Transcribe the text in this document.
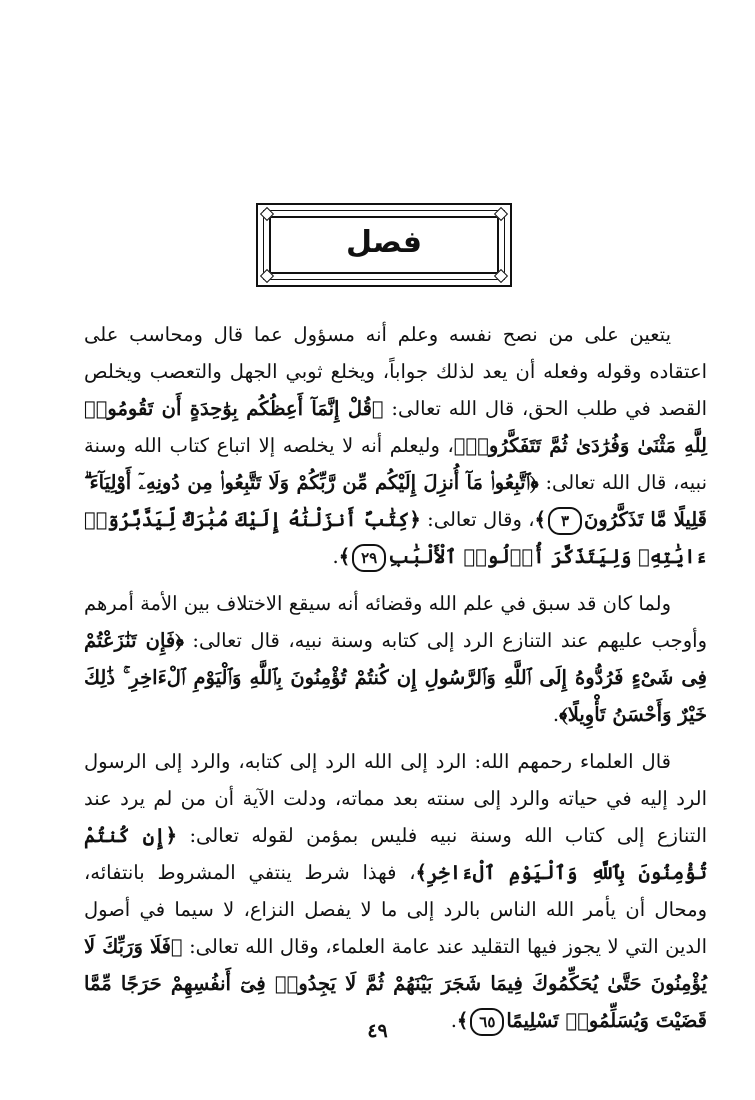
فصل

يتعين على من نصح نفسه وعلم أنه مسؤول عما قال ومحاسب على اعتقاده وقوله وفعله أن يعد لذلك جواباً، ويخلع ثوبي الجهل والتعصب ويخلص القصد في طلب الحق، قال الله تعالى: ﴿قُلْ إِنَّمَآ أَعِظُكُم بِوَٰحِدَةٍ أَن تَقُومُوا۟ لِلَّهِ مَثْنَىٰ وَفُرَٰدَىٰ ثُمَّ تَتَفَكَّرُوا۟﴾، وليعلم أنه لا يخلصه إلا اتباع كتاب الله وسنة نبيه، قال الله تعالى: ﴿ٱتَّبِعُوا۟ مَآ أُنزِلَ إِلَيْكُم مِّن رَّبِّكُمْ وَلَا تَتَّبِعُوا۟ مِن دُونِهِۦٓ أَوْلِيَآءَ ۗ قَلِيلًا مَّا تَذَكَّرُونَ٣﴾، وقال تعالى: ﴿كِتَٰبٌ أَنزَلْنَٰهُ إِلَيْكَ مُبَٰرَكٌ لِّيَدَّبَّرُوٓا۟ ءَايَٰتِهِۦ وَلِيَتَذَكَّرَ أُو۟لُوا۟ ٱلْأَلْبَٰبِ٢٩﴾.

ولما كان قد سبق في علم الله وقضائه أنه سيقع الاختلاف بين الأمة أمرهم وأوجب عليهم عند التنازع الرد إلى كتابه وسنة نبيه، قال تعالى: ﴿فَإِن تَنَٰزَعْتُمْ فِى شَىْءٍ فَرُدُّوهُ إِلَى ٱللَّهِ وَٱلرَّسُولِ إِن كُنتُمْ تُؤْمِنُونَ بِٱللَّهِ وَٱلْيَوْمِ ٱلْءَاخِرِ ۚ ذَٰلِكَ خَيْرٌ وَأَحْسَنُ تَأْوِيلًا﴾.

قال العلماء رحمهم الله: الرد إلى الله الرد إلى كتابه، والرد إلى الرسول الرد إليه في حياته والرد إلى سنته بعد مماته، ودلت الآية أن من لم يرد عند التنازع إلى كتاب الله وسنة نبيه فليس بمؤمن لقوله تعالى: ﴿إِن كُنتُمْ تُؤْمِنُونَ بِٱللَّهِ وَٱلْيَوْمِ ٱلْءَاخِرِ﴾، فهذا شرط ينتفي المشروط بانتفائه، ومحال أن يأمر الله الناس بالرد إلى ما لا يفصل النزاع، لا سيما في أصول الدين التي لا يجوز فيها التقليد عند عامة العلماء، وقال الله تعالى: ﴿فَلَا وَرَبِّكَ لَا يُؤْمِنُونَ حَتَّىٰ يُحَكِّمُوكَ فِيمَا شَجَرَ بَيْنَهُمْ ثُمَّ لَا يَجِدُوا۟ فِىٓ أَنفُسِهِمْ حَرَجًا مِّمَّا قَضَيْتَ وَيُسَلِّمُوا۟ تَسْلِيمًا٦٥﴾.

٤٩
